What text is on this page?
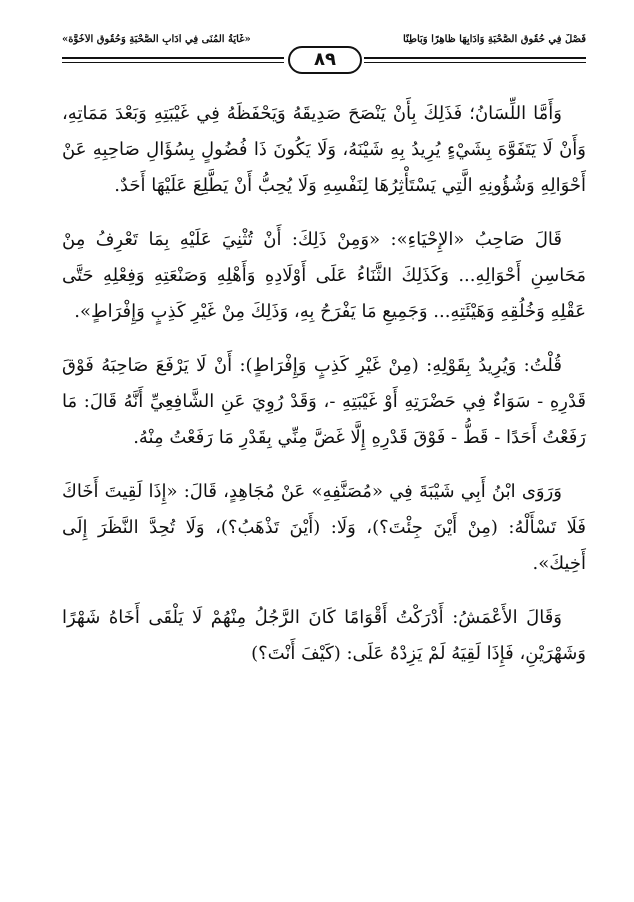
«غَايَةُ المُنَى فِي آدَابِ الصُّحْبَةِ وَحُقُوقِ الأُخُوَّة»	فَصْلٌ فِي حُقُوقِ الصُّحْبَةِ وَآدَابِهَا ظَاهِرًا وَبَاطِنًا
٨٩

وَأَمَّا اللِّسَانُ؛ فَذَلِكَ بِأَنْ يَنْصَحَ صَدِيقَهُ وَيَحْفَظَهُ فِي غَيْبَتِهِ وَبَعْدَ مَمَاتِهِ، وَأَنْ لَا يَتَفَوَّهَ بِشَيْءٍ يُرِيدُ بِهِ شَيْنَهُ، وَلَا يَكُونَ ذَا فُضُولٍ بِسُؤَالِ صَاحِبِهِ عَنْ أَحْوَالِهِ وَشُؤُونِهِ الَّتِي يَسْتَأْثِرُهَا لِنَفْسِهِ وَلَا يُحِبُّ أَنْ يَطَّلِعَ عَلَيْهَا أَحَدٌ.

قَالَ صَاحِبُ «الإِحْيَاءِ»: «وَمِنْ ذَلِكَ: أَنْ تُثْنِيَ عَلَيْهِ بِمَا تَعْرِفُ مِنْ مَحَاسِنِ أَحْوَالِهِ... وَكَذَلِكَ الثَّنَاءُ عَلَى أَوْلَادِهِ وَأَهْلِهِ وَصَنْعَتِهِ وَفِعْلِهِ حَتَّى عَقْلِهِ وَخُلُقِهِ وَهَيْئَتِهِ... وَجَمِيعِ مَا يَفْرَحُ بِهِ، وَذَلِكَ مِنْ غَيْرِ كَذِبٍ وَإِفْرَاطٍ».

قُلْتُ: وَيُرِيدُ بِقَوْلِهِ: (مِنْ غَيْرِ كَذِبٍ وَإِفْرَاطٍ): أَنْ لَا يَرْفَعَ صَاحِبَهُ فَوْقَ قَدْرِهِ - سَوَاءٌ فِي حَضْرَتِهِ أَوْ غَيْبَتِهِ -، وَقَدْ رُوِيَ عَنِ الشَّافِعِيِّ أَنَّهُ قَالَ: مَا رَفَعْتُ أَحَدًا - قَطُّ - فَوْقَ قَدْرِهِ إِلَّا غَضَّ مِنِّي بِقَدْرِ مَا رَفَعْتُ مِنْهُ.

وَرَوَى ابْنُ أَبِي شَيْبَةَ فِي «مُصَنَّفِهِ» عَنْ مُجَاهِدٍ، قَالَ: «إِذَا لَقِيتَ أَخَاكَ فَلَا تَسْأَلْهُ: (مِنْ أَيْنَ جِئْتَ؟)، وَلَا: (أَيْنَ تَذْهَبُ؟)، وَلَا تُحِدَّ النَّظَرَ إِلَى أَخِيكَ».

وَقَالَ الأَعْمَشُ: أَدْرَكْتُ أَقْوَامًا كَانَ الرَّجُلُ مِنْهُمْ لَا يَلْقَى أَخَاهُ شَهْرًا وَشَهْرَيْنِ، فَإِذَا لَقِيَهُ لَمْ يَزِدْهُ عَلَى: (كَيْفَ أَنْتَ؟)
